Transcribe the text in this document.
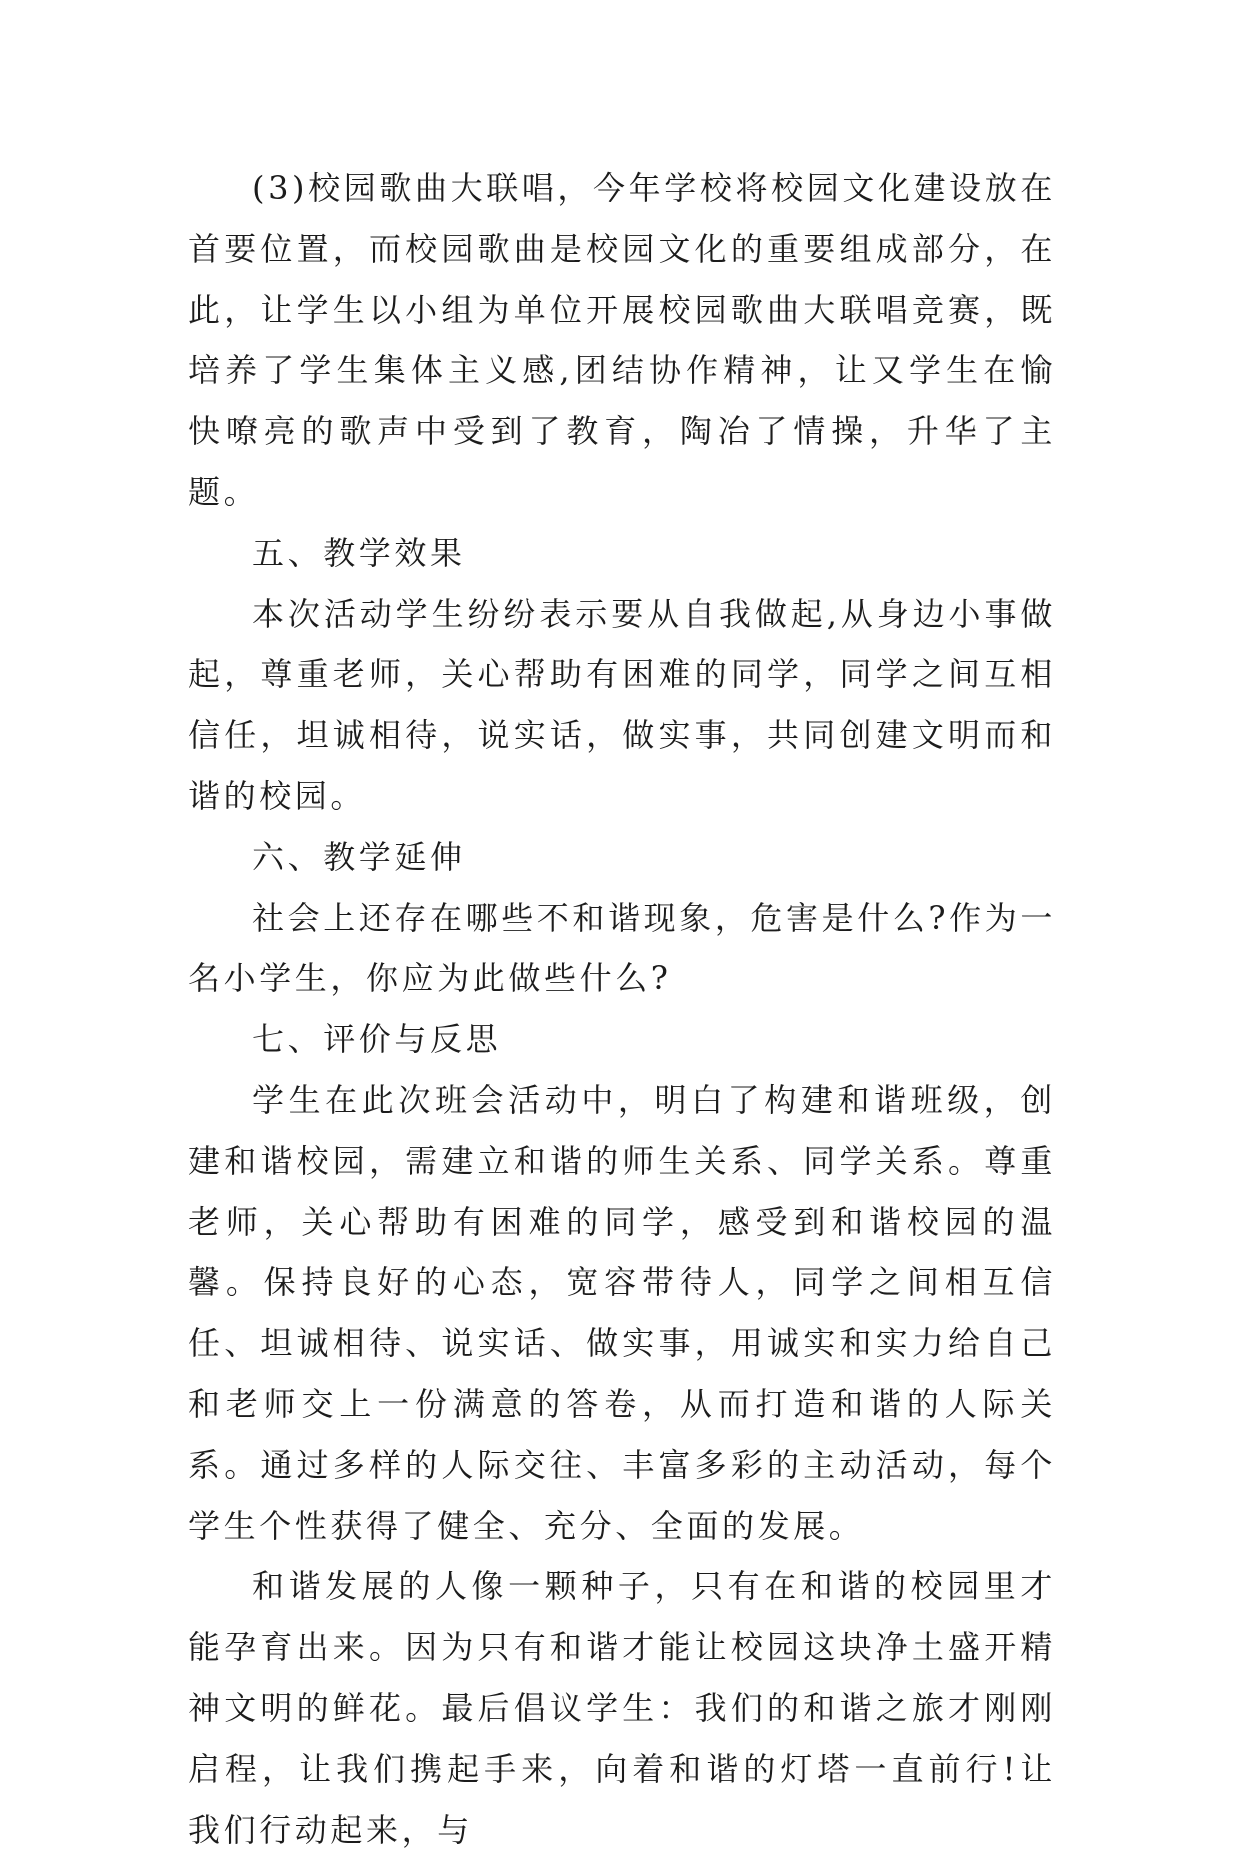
(3)校园歌曲大联唱，今年学校将校园文化建设放在首要位置，而校园歌曲是校园文化的重要组成部分，在此，让学生以小组为单位开展校园歌曲大联唱竞赛，既培养了学生集体主义感,团结协作精神，让又学生在愉快嘹亮的歌声中受到了教育，陶冶了情操，升华了主题。

五、教学效果

本次活动学生纷纷表示要从自我做起,从身边小事做起，尊重老师，关心帮助有困难的同学，同学之间互相信任，坦诚相待，说实话，做实事，共同创建文明而和谐的校园。

六、教学延伸

社会上还存在哪些不和谐现象，危害是什么?作为一名小学生，你应为此做些什么?

七、评价与反思

学生在此次班会活动中，明白了构建和谐班级，创建和谐校园，需建立和谐的师生关系、同学关系。尊重老师，关心帮助有困难的同学，感受到和谐校园的温馨。保持良好的心态，宽容带待人，同学之间相互信任、坦诚相待、说实话、做实事，用诚实和实力给自己 和老师交上一份满意的答卷，从而打造和谐的人际关系。通过多样的人际交往、丰富多彩的主动活动，每个学生个性获得了健全、充分、全面的发展。

和谐发展的人像一颗种子，只有在和谐的校园里才能孕育出来。因为只有和谐才能让校园这块净土盛开精神文明的鲜花。最后倡议学生：我们的和谐之旅才刚刚启程，让我们携起手来，向着和谐的灯塔一直前行!让我们行动起来，与
